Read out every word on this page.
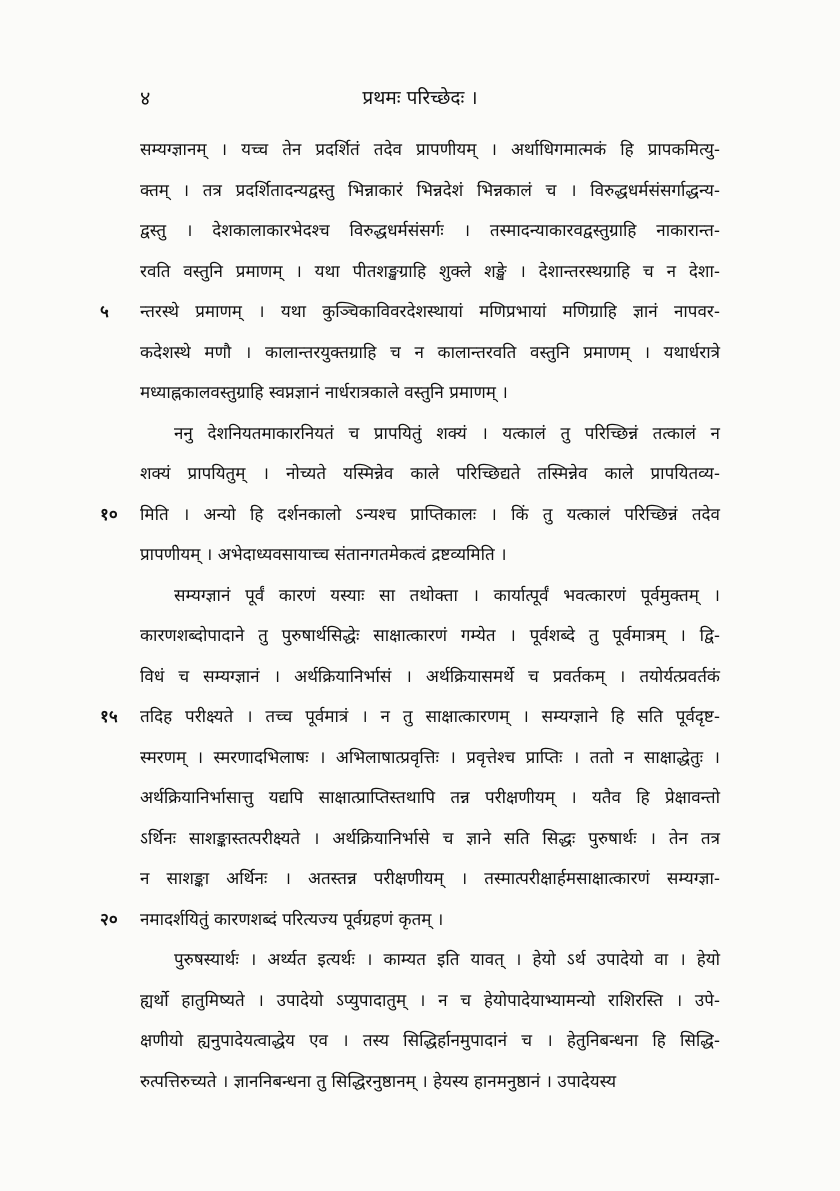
४	प्रथमः परिच्छेदः ।
सम्यग्ज्ञानम् । यच्च तेन प्रदर्शितं तदेव प्रापणीयम् । अर्थाधिगमात्मकं हि प्रापकमित्यु-
क्तम् । तत्र प्रदर्शितादन्यद्वस्तु भिन्नाकारं भिन्नदेशं भिन्नकालं च । विरुद्धधर्मसंसर्गाद्धन्य-
द्वस्तु । देशकालाकारभेदश्च विरुद्धधर्मसंसर्गः । तस्मादन्याकारवद्वस्तुग्राहि नाकारान्त-
रवति वस्तुनि प्रमाणम् । यथा पीतशङ्खग्राहि शुक्ले शङ्खे । देशान्तरस्थग्राहि च न देशा-
५	न्तरस्थे प्रमाणम् । यथा कुञ्चिकाविवरदेशस्थायां मणिप्रभायां मणिग्राहि ज्ञानं नापवर-
कदेशस्थे मणौ । कालान्तरयुक्तग्राहि च न कालान्तरवति वस्तुनि प्रमाणम् । यथार्धरात्रे
मध्याह्नकालवस्तुग्राहि स्वप्नज्ञानं नार्धरात्रकाले वस्तुनि प्रमाणम् ।
ननु देशनियतमाकारनियतं च प्रापयितुं शक्यं । यत्कालं तु परिच्छिन्नं तत्कालं न
शक्यं प्रापयितुम् । नोच्यते यस्मिन्नेव काले परिच्छिद्यते तस्मिन्नेव काले प्रापयितव्य-
१०	मिति । अन्यो हि दर्शनकालो ऽन्यश्च प्राप्तिकालः । किं तु यत्कालं परिच्छिन्नं तदेव
प्रापणीयम् । अभेदाध्यवसायाच्च संतानगतमेकत्वं द्रष्टव्यमिति ।
सम्यग्ज्ञानं पूर्वं कारणं यस्याः सा तथोक्ता । कार्यात्पूर्वं भवत्कारणं पूर्वमुक्तम् ।
कारणशब्दोपादाने तु पुरुषार्थसिद्धेः साक्षात्कारणं गम्येत । पूर्वशब्दे तु पूर्वमात्रम् । द्वि-
विधं च सम्यग्ज्ञानं । अर्थक्रियानिर्भासं । अर्थक्रियासमर्थे च प्रवर्तकम् । तयोर्यत्प्रवर्तकं
१५	तदिह परीक्ष्यते । तच्च पूर्वमात्रं । न तु साक्षात्कारणम् । सम्यग्ज्ञाने हि सति पूर्वदृष्ट-
स्मरणम् । स्मरणादभिलाषः । अभिलाषात्प्रवृत्तिः । प्रवृत्तेश्च प्राप्तिः । ततो न साक्षाद्धेतुः ।
अर्थक्रियानिर्भासात्तु यद्यपि साक्षात्प्राप्तिस्तथापि तन्न परीक्षणीयम् । यतैव हि प्रेक्षावन्तो
ऽर्थिनः साशङ्कास्तत्परीक्ष्यते । अर्थक्रियानिर्भासे च ज्ञाने सति सिद्धः पुरुषार्थः । तेन तत्र
न साशङ्का अर्थिनः । अतस्तन्न परीक्षणीयम् । तस्मात्परीक्षार्हमसाक्षात्कारणं सम्यग्ज्ञा-
२०	नमादर्शयितुं कारणशब्दं परित्यज्य पूर्वग्रहणं कृतम् ।
पुरुषस्यार्थः । अर्थ्यत इत्यर्थः । काम्यत इति यावत् । हेयो ऽर्थ उपादेयो वा । हेयो
ह्यर्थो हातुमिष्यते । उपादेयो ऽप्युपादातुम् । न च हेयोपादेयाभ्यामन्यो राशिरस्ति । उपे-
क्षणीयो ह्यनुपादेयत्वाद्धेय एव । तस्य सिद्धिर्हानमुपादानं च । हेतुनिबन्धना हि सिद्धि-
रुत्पत्तिरुच्यते । ज्ञाननिबन्धना तु सिद्धिरनुष्ठानम् । हेयस्य हानमनुष्ठानं । उपादेयस्य
